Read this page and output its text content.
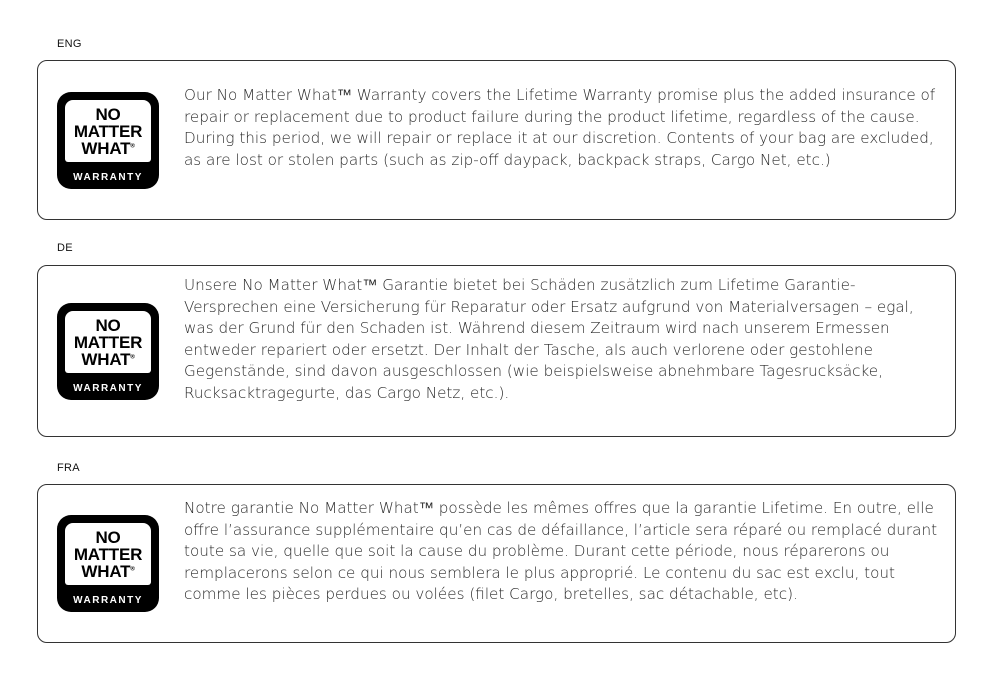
ENG
NO
MATTER
WHAT®
WARRANTY

Our No Matter What™ Warranty covers the Lifetime Warranty promise plus the added insurance of repair or replacement due to product failure during the product lifetime, regardless of the cause. During this period, we will repair or replace it at our discretion. Contents of your bag are excluded, as are lost or stolen parts (such as zip-off daypack, backpack straps, Cargo Net, etc.)

DE
NO
MATTER
WHAT®
WARRANTY

Unsere No Matter What™ Garantie bietet bei Schäden zusätzlich zum Lifetime Garantie-Versprechen eine Versicherung für Reparatur oder Ersatz aufgrund von Materialversagen – egal, was der Grund für den Schaden ist. Während diesem Zeitraum wird nach unserem Ermessen entweder repariert oder ersetzt. Der Inhalt der Tasche, als auch verlorene oder gestohlene Gegenstände, sind davon ausgeschlossen (wie beispielsweise abnehmbare Tagesrucksäcke, Rucksacktragegurte, das Cargo Netz, etc.).

FRA
NO
MATTER
WHAT®
WARRANTY

Notre garantie No Matter What™ possède les mêmes offres que la garantie Lifetime. En outre, elle offre l’assurance supplémentaire qu’en cas de défaillance, l’article sera réparé ou remplacé durant toute sa vie, quelle que soit la cause du problème. Durant cette période, nous réparerons ou remplacerons selon ce qui nous semblera le plus approprié. Le contenu du sac est exclu, tout comme les pièces perdues ou volées (filet Cargo, bretelles, sac détachable, etc).
